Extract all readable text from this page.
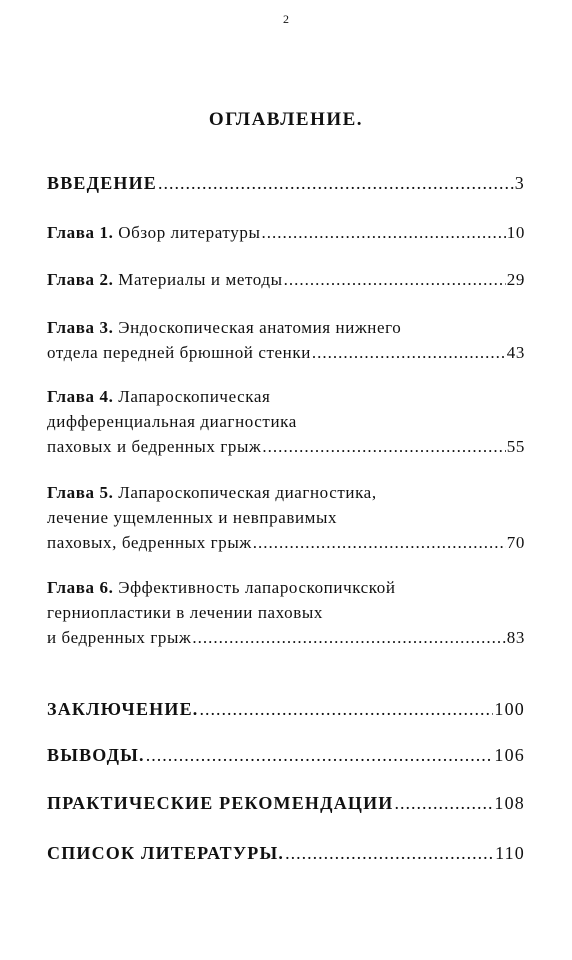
2
ОГЛАВЛЕНИЕ.
ВВЕДЕНИЕ .....	3
Глава 1. Обзор литературы .....	10
Глава 2. Материалы и методы .....	29
Глава 3. Эндоскопическая анатомия нижнего
отдела передней брюшной стенки .....	43
Глава 4. Лапароскопическая
дифференциальная диагностика
паховых и бедренных грыж .....	55
Глава 5. Лапароскопическая диагностика,
лечение ущемленных и невправимых
паховых, бедренных грыж .....	70
Глава 6. Эффективность лапароскопичкской
герниопластики в лечении паховых
и бедренных грыж .....	83
ЗАКЛЮЧЕНИЕ. .....	100
ВЫВОДЫ. .....	106
ПРАКТИЧЕСКИЕ РЕКОМЕНДАЦИИ .....	108
СПИСОК ЛИТЕРАТУРЫ. .....	110
